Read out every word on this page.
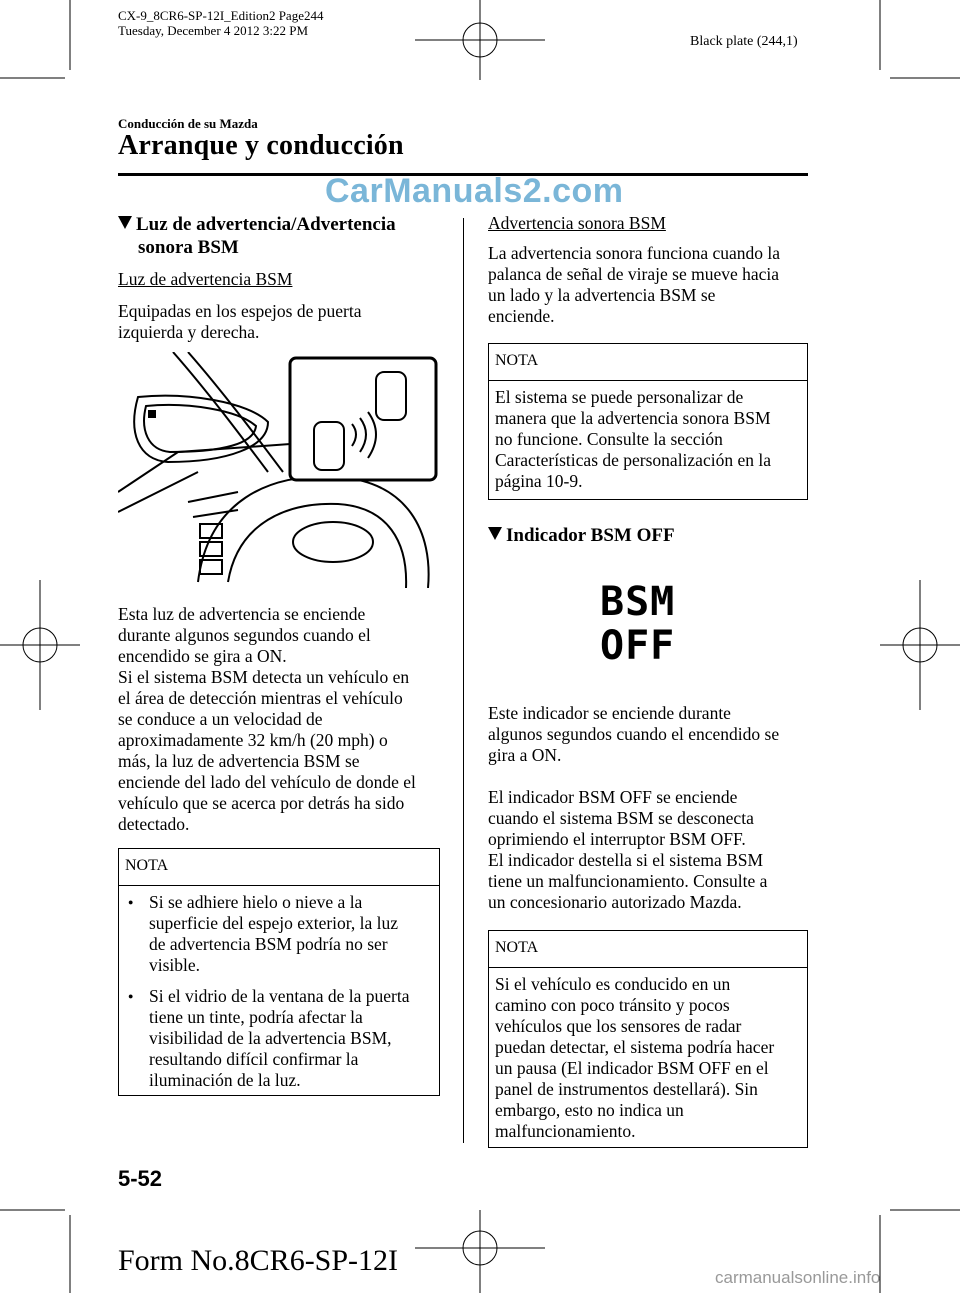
CX-9_8CR6-SP-12I_Edition2 Page244
Tuesday, December 4 2012 3:22 PM
Black plate (244,1)
Conducción de su Mazda
Arranque y conducción
CarManuals2.com
Luz de advertencia/Advertencia
sonora BSM
Luz de advertencia BSM
Equipadas en los espejos de puerta
izquierda y derecha.
Esta luz de advertencia se enciende
durante algunos segundos cuando el
encendido se gira a ON.
Si el sistema BSM detecta un vehículo en
el área de detección mientras el vehículo
se conduce a un velocidad de
aproximadamente 32 km/h (20 mph) o
más, la luz de advertencia BSM se
enciende del lado del vehículo de donde el
vehículo que se acerca por detrás ha sido
detectado.
NOTA
● Si se adhiere hielo o nieve a la
superficie del espejo exterior, la luz
de advertencia BSM podría no ser
visible.
● Si el vidrio de la ventana de la puerta
tiene un tinte, podría afectar la
visibilidad de la advertencia BSM,
resultando difícil confirmar la
iluminación de la luz.
Advertencia sonora BSM
La advertencia sonora funciona cuando la
palanca de señal de viraje se mueve hacia
un lado y la advertencia BSM se
enciende.
NOTA
El sistema se puede personalizar de
manera que la advertencia sonora BSM
no funcione. Consulte la sección
Características de personalización en la
página 10-9.
Indicador BSM OFF
BSM
OFF
Este indicador se enciende durante
algunos segundos cuando el encendido se
gira a ON.
El indicador BSM OFF se enciende
cuando el sistema BSM se desconecta
oprimiendo el interruptor BSM OFF.
El indicador destella si el sistema BSM
tiene un malfuncionamiento. Consulte a
un concesionario autorizado Mazda.
NOTA
Si el vehículo es conducido en un
camino con poco tránsito y pocos
vehículos que los sensores de radar
puedan detectar, el sistema podría hacer
un pausa (El indicador BSM OFF en el
panel de instrumentos destellará). Sin
embargo, esto no indica un
malfuncionamiento.
5-52
Form No.8CR6-SP-12I
carmanualsonline.info
